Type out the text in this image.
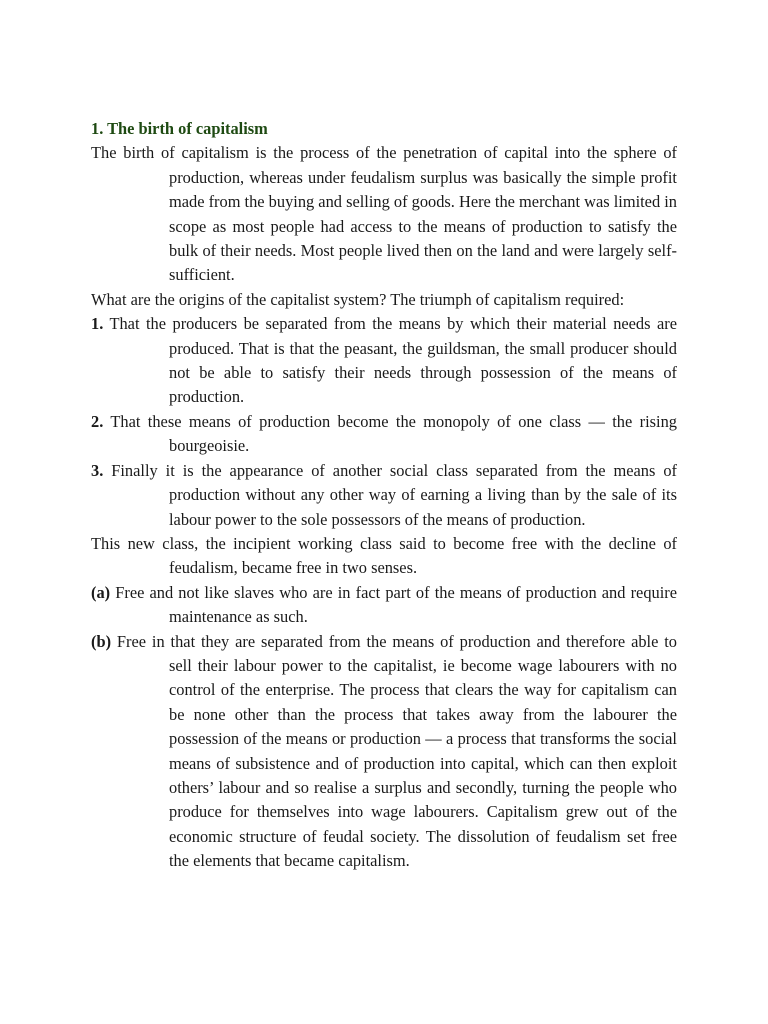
1. The birth of capitalism

The birth of capitalism is the process of the penetration of capital into the sphere of production, whereas under feudalism surplus was basically the simple profit made from the buying and selling of goods. Here the merchant was limited in scope as most people had access to the means of production to satisfy the bulk of their needs. Most people lived then on the land and were largely self-sufficient.

What are the origins of the capitalist system? The triumph of capitalism required:

1. That the producers be separated from the means by which their material needs are produced. That is that the peasant, the guildsman, the small producer should not be able to satisfy their needs through possession of the means of production.

2. That these means of production become the monopoly of one class — the rising bourgeoisie.

3. Finally it is the appearance of another social class separated from the means of production without any other way of earning a living than by the sale of its labour power to the sole possessors of the means of production.

This new class, the incipient working class said to become free with the decline of feudalism, became free in two senses.

(a) Free and not like slaves who are in fact part of the means of production and require maintenance as such.

(b) Free in that they are separated from the means of production and therefore able to sell their labour power to the capitalist, ie become wage labourers with no control of the enterprise. The process that clears the way for capitalism can be none other than the process that takes away from the labourer the possession of the means or production — a process that transforms the social means of subsistence and of production into capital, which can then exploit others’ labour and so realise a surplus and secondly, turning the people who produce for themselves into wage labourers. Capitalism grew out of the economic structure of feudal society. The dissolution of feudalism set free the elements that became capitalism.
